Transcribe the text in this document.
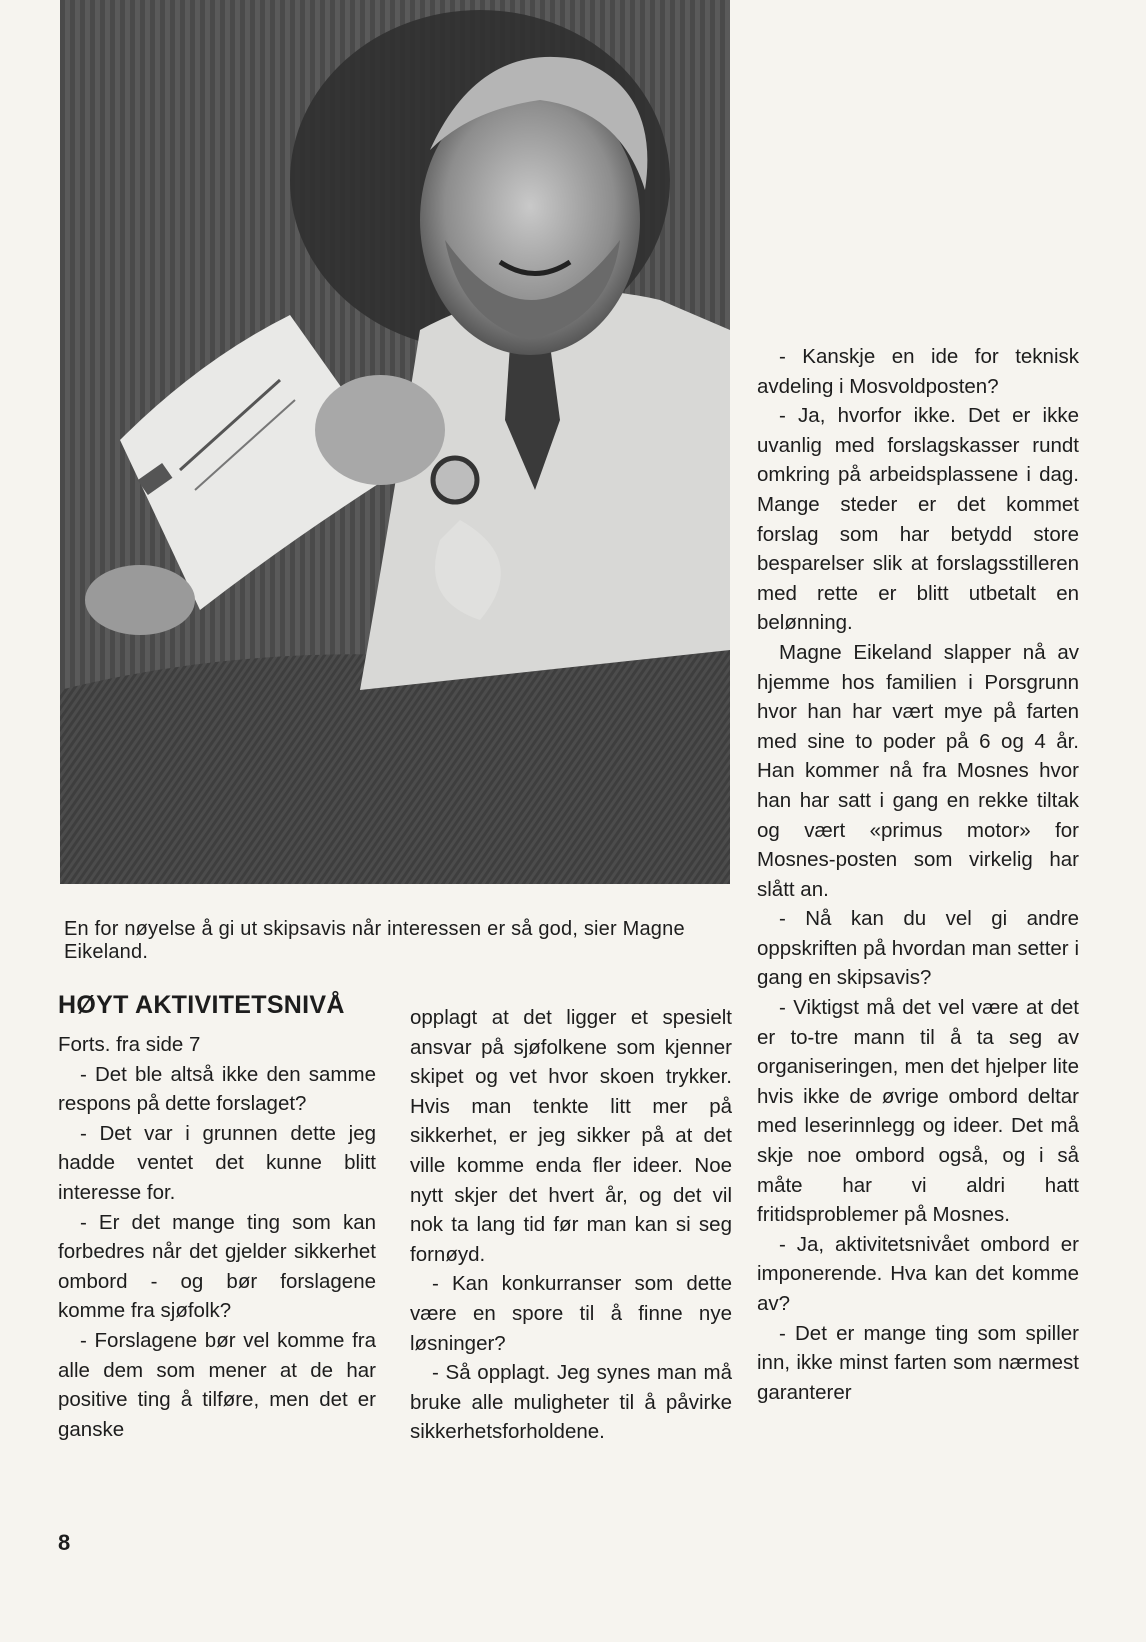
En for nøyelse å gi ut skipsavis når interessen er så god, sier Magne Eikeland.
HØYT AKTIVITETSNIVÅ

Forts. fra side 7

- Det ble altså ikke den samme respons på dette forslaget?

- Det var i grunnen dette jeg hadde ventet det kunne blitt interesse for.

- Er det mange ting som kan forbedres når det gjelder sikkerhet ombord - og bør forslagene komme fra sjøfolk?

- Forslagene bør vel komme fra alle dem som mener at de har positive ting å tilføre, men det er ganske

opplagt at det ligger et spesielt ansvar på sjøfolkene som kjenner skipet og vet hvor skoen trykker. Hvis man tenkte litt mer på sikkerhet, er jeg sikker på at det ville komme enda fler ideer. Noe nytt skjer det hvert år, og det vil nok ta lang tid før man kan si seg fornøyd.

- Kan konkurranser som dette være en spore til å finne nye løsninger?

- Så opplagt. Jeg synes man må bruke alle muligheter til å påvirke sikkerhetsforholdene.

- Kanskje en ide for teknisk avdeling i Mosvoldposten?

- Ja, hvorfor ikke. Det er ikke uvanlig med forslagskasser rundt omkring på arbeidsplassene i dag. Mange steder er det kommet forslag som har betydd store besparelser slik at forslagsstilleren med rette er blitt utbetalt en belønning.

Magne Eikeland slapper nå av hjemme hos familien i Porsgrunn hvor han har vært mye på farten med sine to poder på 6 og 4 år. Han kommer nå fra Mosnes hvor han har satt i gang en rekke tiltak og vært «primus motor» for Mosnes-posten som virkelig har slått an.

- Nå kan du vel gi andre oppskriften på hvordan man setter i gang en skipsavis?

- Viktigst må det vel være at det er to-tre mann til å ta seg av organiseringen, men det hjelper lite hvis ikke de øvrige ombord deltar med leserinnlegg og ideer. Det må skje noe ombord også, og i så måte har vi aldri hatt fritidsproblemer på Mosnes.

- Ja, aktivitetsnivået ombord er imponerende. Hva kan det komme av?

- Det er mange ting som spiller inn, ikke minst farten som nærmest garanterer

8
